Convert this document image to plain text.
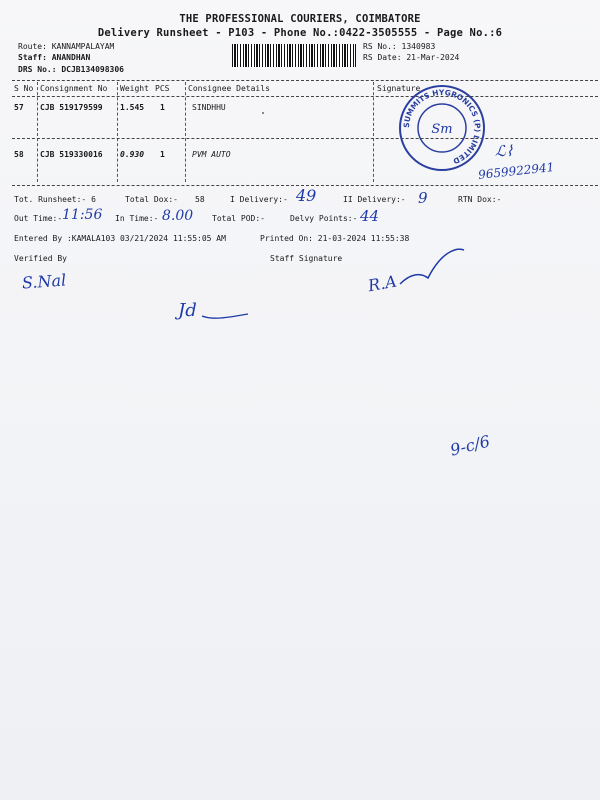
THE PROFESSIONAL COURIERS, COIMBATORE
Delivery Runsheet - P103 - Phone No.:0422-3505555 - Page No.:6
Route: KANNAMPALAYAM
Staff: ANANDHAN
DRS No.: DCJB134098306
RS No.: 1340983
RS Date: 21-Mar-2024
S No Consignment No Weight PCS Consignee Details	Signature
57 CJB 519179599 1.545 1	SINDHHU
58 CJB 519330016 0.930 1	PVM AUTO
SUMMITS HYGRONICS (P) LIMITED
Sm
ℒ⌇
9659922941
Tot. Runsheet:- 6	Total Dox:- 58	I Delivery:- 49	II Delivery:- 9	RTN Dox:-
Out Time:- 11:56 In Time:- 8.00 Total POD:-	Delvy Points:- 44
Entered By :KAMALA103 03/21/2024 11:55:05 AM	Printed On: 21-03-2024 11:55:38
Verified By	Staff Signature
S.Nal	R.A
Jd
9-c/6
